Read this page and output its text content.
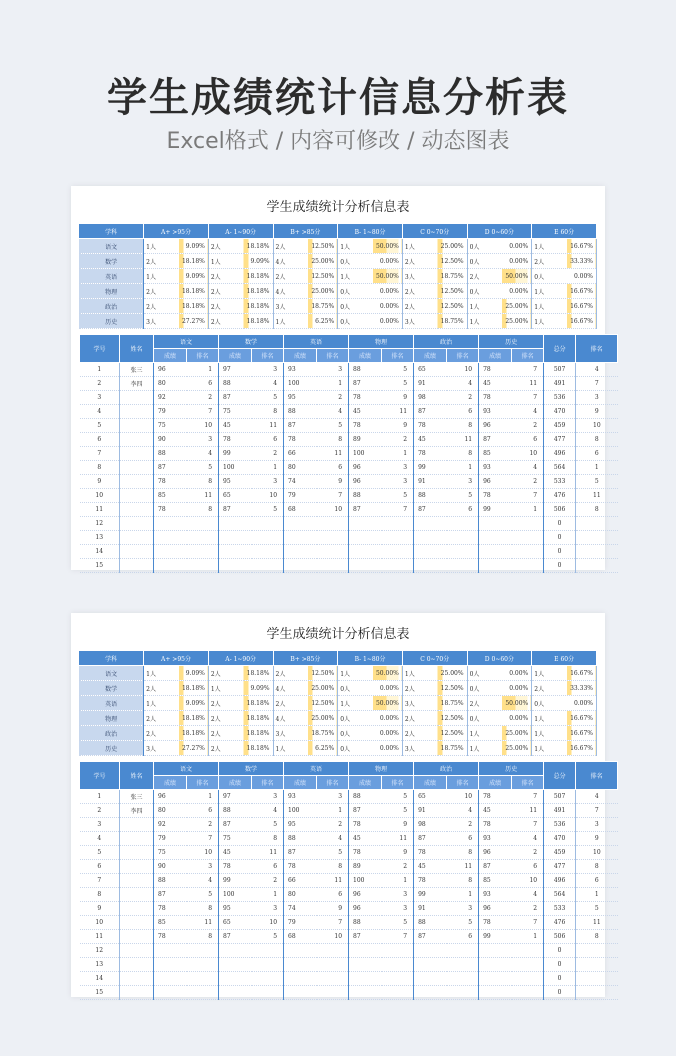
学生成绩统计信息分析表
Excel格式 / 内容可修改 / 动态图表
学生成绩统计分析信息表
学科	A+ >95分		A- 1~90分		B+ >85分		B- 1~80分		C 0~70分		D 0~60分		E 60分	
语文	1人	9.09%	2人	18.18%	2人	12.50%	1人	50.00%	1人	25.00%	0人	0.00%	1人	16.67%
数学	2人	18.18%	1人	9.09%	4人	25.00%	0人	0.00%	2人	12.50%	0人	0.00%	2人	33.33%
英语	1人	9.09%	2人	18.18%	2人	12.50%	1人	50.00%	3人	18.75%	2人	50.00%	0人	0.00%
物理	2人	18.18%	2人	18.18%	4人	25.00%	0人	0.00%	2人	12.50%	0人	0.00%	1人	16.67%
政治	2人	18.18%	2人	18.18%	3人	18.75%	0人	0.00%	2人	12.50%	1人	25.00%	1人	16.67%
历史	3人	27.27%	2人	18.18%	1人	6.25%	0人	0.00%	3人	18.75%	1人	25.00%	1人	16.67%
学号	姓名	语文		数学		英语		物理		政治		历史		总分	排名
		成绩	排名	成绩	排名	成绩	排名	成绩	排名	成绩	排名	成绩	排名		
1	张三	96	1	97	3	93	3	88	5	65	10	78	7	507	4
2	李四	80	6	88	4	100	1	87	5	91	4	45	11	491	7
3		92	2	87	5	95	2	78	9	98	2	78	7	536	3
4		79	7	75	8	88	4	45	11	87	6	93	4	470	9
5		75	10	45	11	87	5	78	9	78	8	96	2	459	10
6		90	3	78	6	78	8	89	2	45	11	87	6	477	8
7		88	4	99	2	66	11	100	1	78	8	85	10	496	6
8		87	5	100	1	80	6	96	3	99	1	93	4	564	1
9		78	8	95	3	74	9	96	3	91	3	96	2	533	5
10		85	11	65	10	79	7	88	5	88	5	78	7	476	11
11		78	8	87	5	68	10	87	7	87	6	99	1	506	8
12														0	
13														0	
14														0	
15														0	
学生成绩统计分析信息表
学科	A+ >95分		A- 1~90分		B+ >85分		B- 1~80分		C 0~70分		D 0~60分		E 60分	
语文	1人	9.09%	2人	18.18%	2人	12.50%	1人	50.00%	1人	25.00%	0人	0.00%	1人	16.67%
数学	2人	18.18%	1人	9.09%	4人	25.00%	0人	0.00%	2人	12.50%	0人	0.00%	2人	33.33%
英语	1人	9.09%	2人	18.18%	2人	12.50%	1人	50.00%	3人	18.75%	2人	50.00%	0人	0.00%
物理	2人	18.18%	2人	18.18%	4人	25.00%	0人	0.00%	2人	12.50%	0人	0.00%	1人	16.67%
政治	2人	18.18%	2人	18.18%	3人	18.75%	0人	0.00%	2人	12.50%	1人	25.00%	1人	16.67%
历史	3人	27.27%	2人	18.18%	1人	6.25%	0人	0.00%	3人	18.75%	1人	25.00%	1人	16.67%
学号	姓名	语文		数学		英语		物理		政治		历史		总分	排名
		成绩	排名	成绩	排名	成绩	排名	成绩	排名	成绩	排名	成绩	排名		
1	张三	96	1	97	3	93	3	88	5	65	10	78	7	507	4
2	李四	80	6	88	4	100	1	87	5	91	4	45	11	491	7
3		92	2	87	5	95	2	78	9	98	2	78	7	536	3
4		79	7	75	8	88	4	45	11	87	6	93	4	470	9
5		75	10	45	11	87	5	78	9	78	8	96	2	459	10
6		90	3	78	6	78	8	89	2	45	11	87	6	477	8
7		88	4	99	2	66	11	100	1	78	8	85	10	496	6
8		87	5	100	1	80	6	96	3	99	1	93	4	564	1
9		78	8	95	3	74	9	96	3	91	3	96	2	533	5
10		85	11	65	10	79	7	88	5	88	5	78	7	476	11
11		78	8	87	5	68	10	87	7	87	6	99	1	506	8
12														0	
13														0	
14														0	
15														0	
